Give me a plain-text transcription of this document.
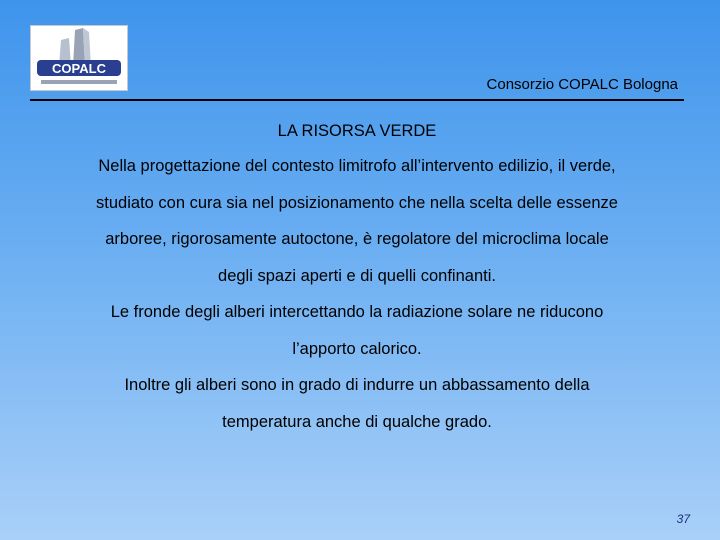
COPALC
Consorzio COPALC Bologna

LA RISORSA VERDE

Nella progettazione del contesto limitrofo all’intervento edilizio, il verde,

studiato con cura sia nel posizionamento che nella scelta delle essenze

arboree, rigorosamente autoctone, è regolatore del microclima locale

degli spazi aperti e di quelli confinanti.

Le fronde degli alberi intercettando la radiazione solare ne riducono

l’apporto calorico.

Inoltre gli alberi sono in grado di indurre un abbassamento della

temperatura anche di qualche grado.

37
